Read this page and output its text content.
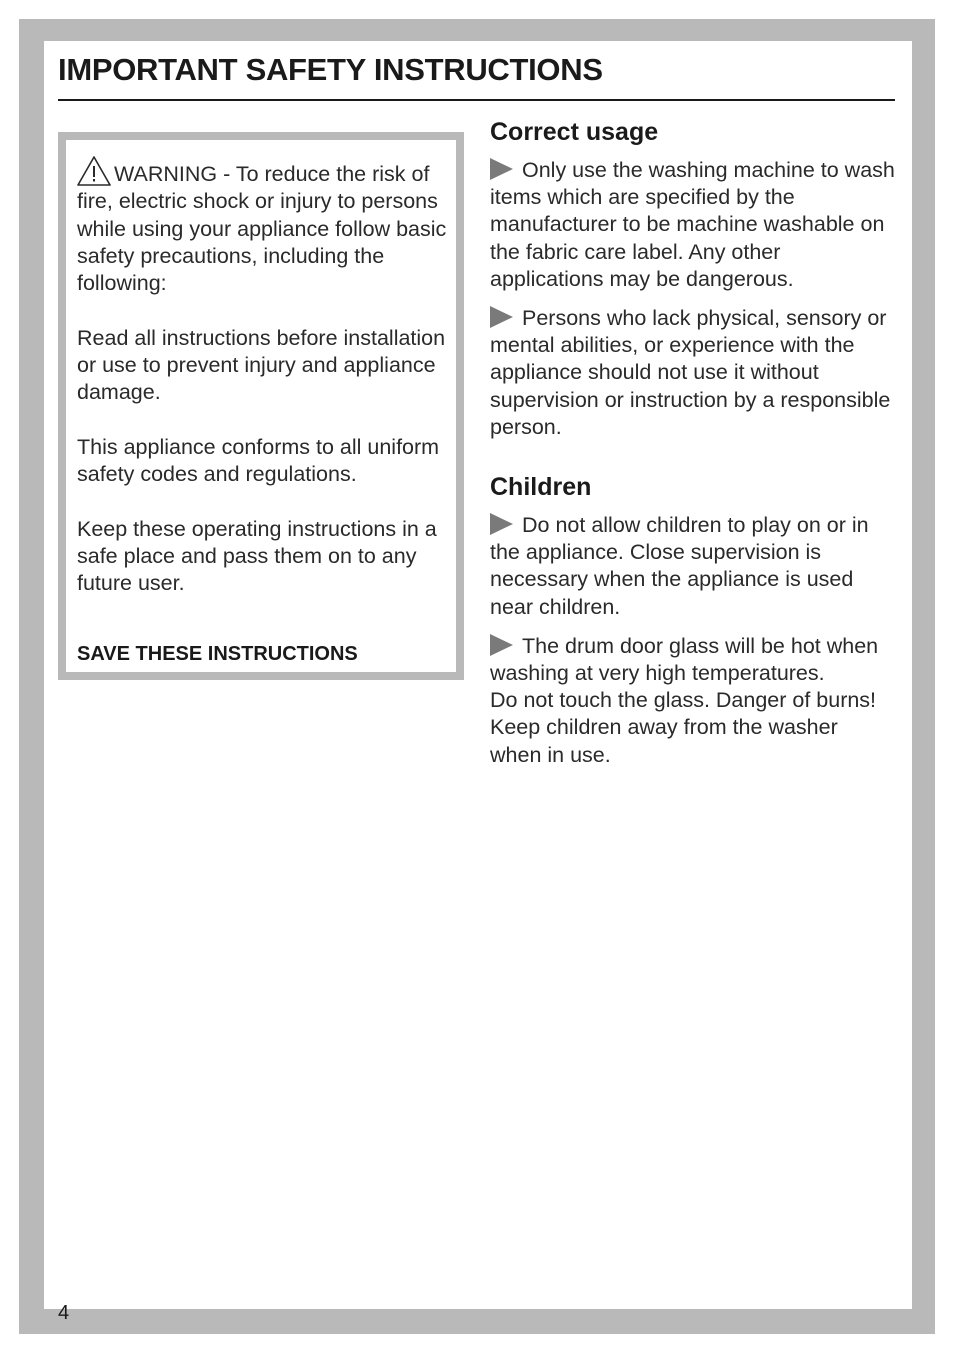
IMPORTANT SAFETY INSTRUCTIONS

WARNING - To reduce the risk of fire, electric shock or injury to persons while using your appliance follow basic safety precautions, including the following:

Read all instructions before installation or use to prevent injury and appliance damage.

This appliance conforms to all uniform safety codes and regulations.

Keep these operating instructions in a safe place and pass them on to any future user.

SAVE THESE INSTRUCTIONS

Correct usage

Only use the washing machine to wash items which are specified by the manufacturer to be machine washable on the fabric care label. Any other applications may be dangerous.

Persons who lack physical, sensory or mental abilities, or experience with the appliance should not use it without supervision or instruction by a responsible person.

Children

Do not allow children to play on or in the appliance. Close supervision is necessary when the appliance is used near children.

The drum door glass will be hot when washing at very high temperatures.
Do not touch the glass. Danger of burns! Keep children away from the washer when in use.

4
